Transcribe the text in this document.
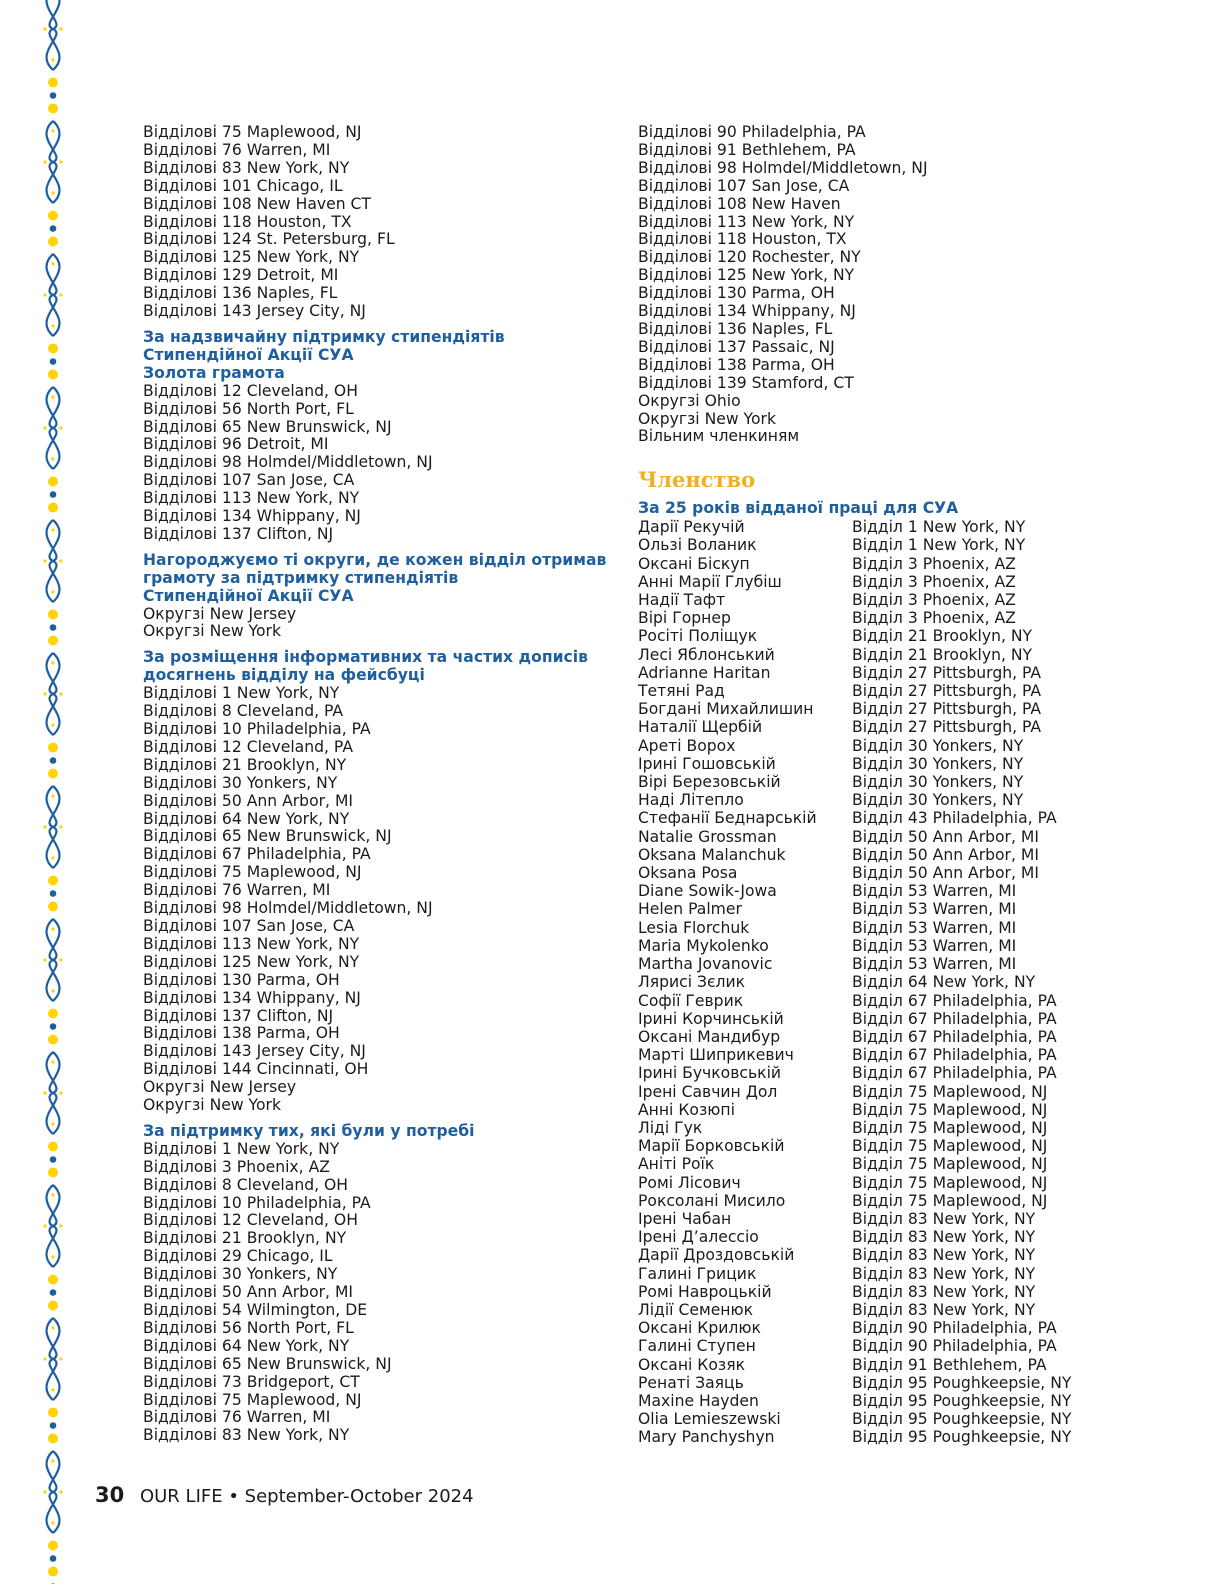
Відділові 75 Maplewood, NJ
Відділові 76 Warren, MI
Відділові 83 New York, NY
Відділові 101 Chicago, IL
Відділові 108 New Haven CT
Відділові 118 Houston, TX
Відділові 124 St. Petersburg, FL
Відділові 125 New York, NY
Відділові 129 Detroit, MI
Відділові 136 Naples, FL
Відділові 143 Jersey City, NJ
За надзвичайну підтримку стипендіятів
Стипендійної Акції СУА
Золота грамота
Відділові 12 Cleveland, OH
Відділові 56 North Port, FL
Відділові 65 New Brunswick, NJ
Відділові 96 Detroit, MI
Відділові 98 Holmdel/Middletown, NJ
Відділові 107 San Jose, CA
Відділові 113 New York, NY
Відділові 134 Whippany, NJ
Відділові 137 Clifton, NJ
Нагороджуємо ті округи, де кожен відділ отримав
грамоту за підтримку стипендіятів
Стипендійної Акції СУА
Округзі New Jersey
Округзі New York
За розміщення інформативних та частих дописів
досягнень відділу на фейсбуці
Відділові 1 New York, NY
Відділові 8 Cleveland, PA
Відділові 10 Philadelphia, PA
Відділові 12 Cleveland, PA
Відділові 21 Brooklyn, NY
Відділові 30 Yonkers, NY
Відділові 50 Ann Arbor, MI
Відділові 64 New York, NY
Відділові 65 New Brunswick, NJ
Відділові 67 Philadelphia, PA
Відділові 75 Maplewood, NJ
Відділові 76 Warren, MI
Відділові 98 Holmdel/Middletown, NJ
Відділові 107 San Jose, CA
Відділові 113 New York, NY
Відділові 125 New York, NY
Відділові 130 Parma, OH
Відділові 134 Whippany, NJ
Відділові 137 Clifton, NJ
Відділові 138 Parma, OH
Відділові 143 Jersey City, NJ
Відділові 144 Cincinnati, OH
Округзі New Jersey
Округзі New York
За підтримку тих, які були у потребі
Відділові 1 New York, NY
Відділові 3 Phoenix, AZ
Відділові 8 Cleveland, OH
Відділові 10 Philadelphia, PA
Відділові 12 Cleveland, OH
Відділові 21 Brooklyn, NY
Відділові 29 Chicago, IL
Відділові 30 Yonkers, NY
Відділові 50 Ann Arbor, MI
Відділові 54 Wilmington, DE
Відділові 56 North Port, FL
Відділові 64 New York, NY
Відділові 65 New Brunswick, NJ
Відділові 73 Bridgeport, CT
Відділові 75 Maplewood, NJ
Відділові 76 Warren, MI
Відділові 83 New York, NY
Відділові 90 Philadelphia, PA
Відділові 91 Bethlehem, PA
Відділові 98 Holmdel/Middletown, NJ
Відділові 107 San Jose, CA
Відділові 108 New Haven
Відділові 113 New York, NY
Відділові 118 Houston, TX
Відділові 120 Rochester, NY
Відділові 125 New York, NY
Відділові 130 Parma, OH
Відділові 134 Whippany, NJ
Відділові 136 Naples, FL
Відділові 137 Passaic, NJ
Відділові 138 Parma, OH
Відділові 139 Stamford, CT
Округзі Ohio
Округзі New York
Вільним членкиням
Членство
За 25 років відданої праці для СУА
Дарії Рекучій	Відділ 1 New York, NY
Ользі Воланик	Відділ 1 New York, NY
Оксані Біскуп	Відділ 3 Phoenix, AZ
Анні Марії Глубіш	Відділ 3 Phoenix, AZ
Надії Тафт	Відділ 3 Phoenix, AZ
Вірі Горнер	Відділ 3 Phoenix, AZ
Росіті Поліщук	Відділ 21 Brooklyn, NY
Лесі Яблонський	Відділ 21 Brooklyn, NY
Adrianne Haritan	Відділ 27 Pittsburgh, PA
Тетяні Рад	Відділ 27 Pittsburgh, PA
Богдані Михайлишин	Відділ 27 Pittsburgh, PA
Наталії Щербій	Відділ 27 Pittsburgh, PA
Ареті Ворох	Відділ 30 Yonkers, NY
Ірині Гошовській	Відділ 30 Yonkers, NY
Вірі Березовській	Відділ 30 Yonkers, NY
Наді Літепло	Відділ 30 Yonkers, NY
Стефанії Беднарській	Відділ 43 Philadelphia, PA
Natalie Grossman	Відділ 50 Ann Arbor, MI
Oksana Malanchuk	Відділ 50 Ann Arbor, MI
Oksana Posa	Відділ 50 Ann Arbor, MI
Diane Sowik-Jowa	Відділ 53 Warren, MI
Helen Palmer	Відділ 53 Warren, MI
Lesia Florchuk	Відділ 53 Warren, MI
Maria Mykolenko	Відділ 53 Warren, MI
Martha Jovanovic	Відділ 53 Warren, MI
Лярисі Зєлик	Відділ 64 New York, NY
Софії Геврик	Відділ 67 Philadelphia, PA
Ірині Корчинській	Відділ 67 Philadelphia, PA
Оксані Мандибур	Відділ 67 Philadelphia, PA
Марті Шиприкевич	Відділ 67 Philadelphia, PA
Ірині Бучковській	Відділ 67 Philadelphia, PA
Ірені Савчин Дол	Відділ 75 Maplewood, NJ
Анні Козюпі	Відділ 75 Maplewood, NJ
Ліді Гук	Відділ 75 Maplewood, NJ
Марії Борковській	Відділ 75 Maplewood, NJ
Аніті Роїк	Відділ 75 Maplewood, NJ
Ромі Лісович	Відділ 75 Maplewood, NJ
Роксолані Мисило	Відділ 75 Maplewood, NJ
Ірені Чабан	Відділ 83 New York, NY
Ірені Д’алессіо	Відділ 83 New York, NY
Дарії Дроздовській	Відділ 83 New York, NY
Галині Грицик	Відділ 83 New York, NY
Ромі Навроцькій	Відділ 83 New York, NY
Лідії Семенюк	Відділ 83 New York, NY
Оксані Крилюк	Відділ 90 Philadelphia, PA
Галині Ступен	Відділ 90 Philadelphia, PA
Оксані Козяк	Відділ 91 Bethlehem, PA
Ренаті Заяць	Відділ 95 Poughkeepsie, NY
Maxine Hayden	Відділ 95 Poughkeepsie, NY
Olia Lemieszewski	Відділ 95 Poughkeepsie, NY
Mary Panchyshyn	Відділ 95 Poughkeepsie, NY
30 OUR LIFE • September-October 2024
